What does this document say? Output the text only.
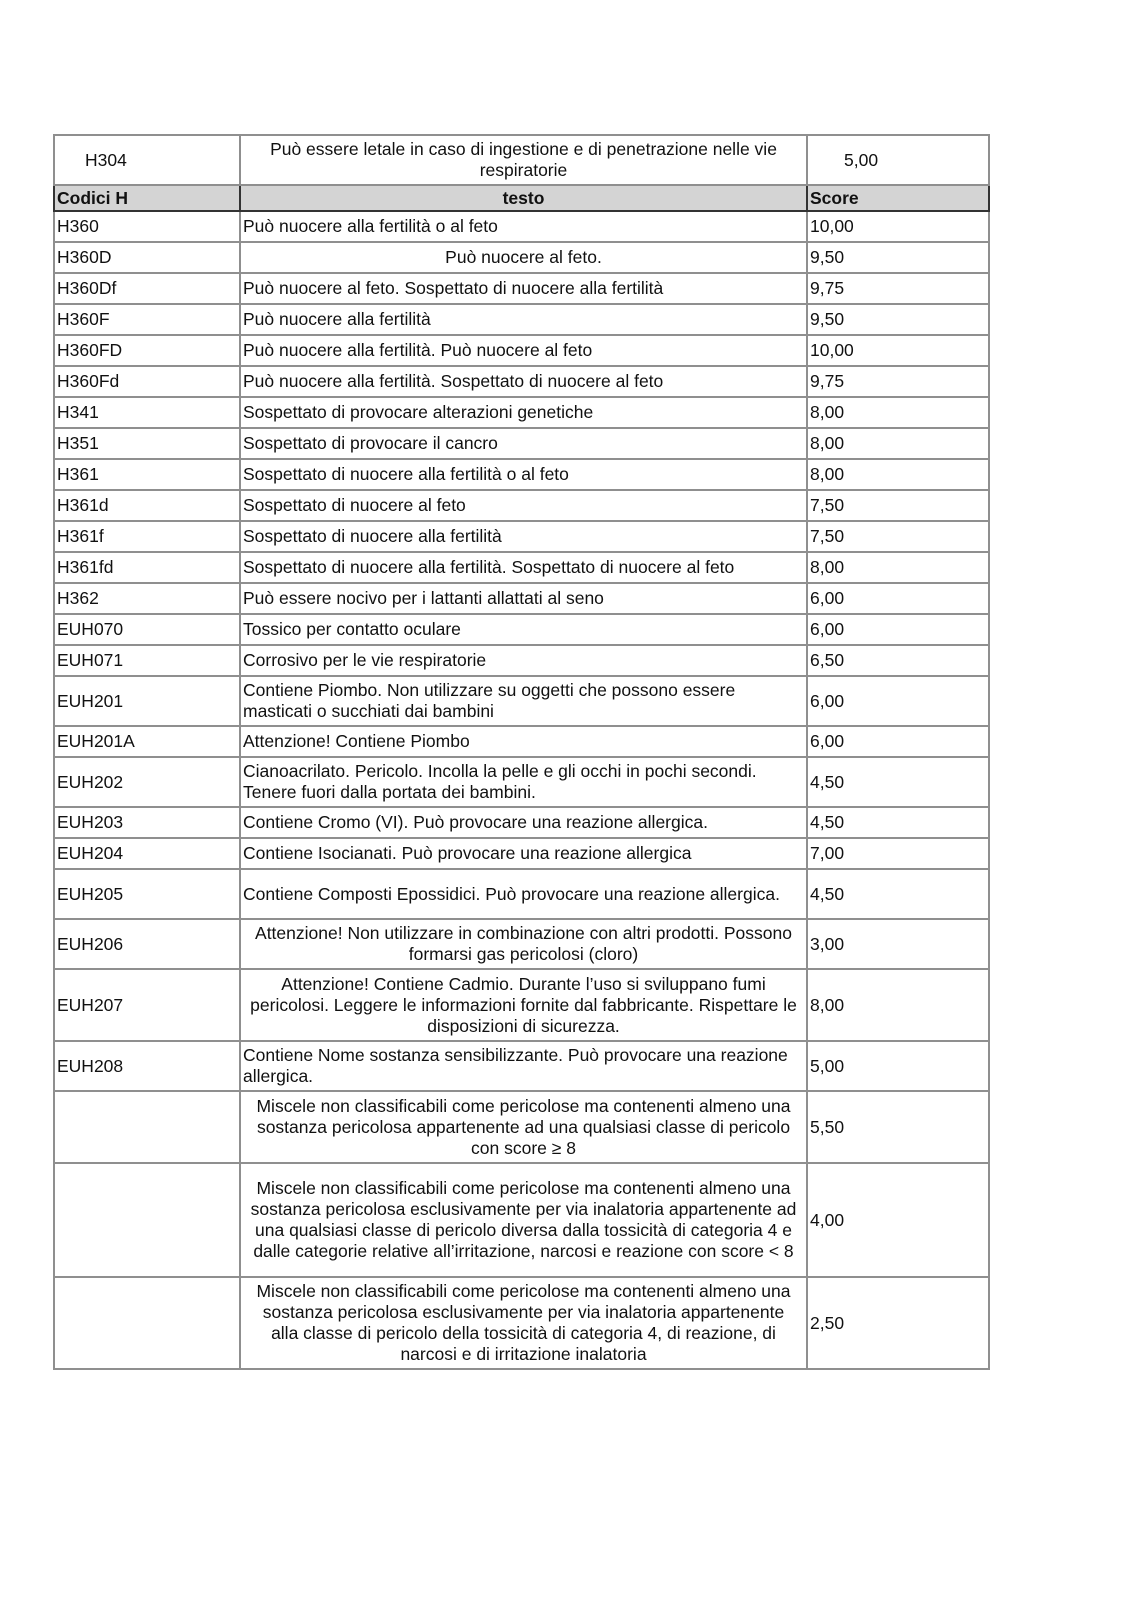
H304	Può essere letale in caso di ingestione e di penetrazione nelle vie respiratorie	5,00
Codici H	testo	Score
H360	Può nuocere alla fertilità o al feto	10,00
H360D	Può nuocere al feto.	9,50
H360Df	Può nuocere al feto. Sospettato di nuocere alla fertilità	9,75
H360F	Può nuocere alla fertilità	9,50
H360FD	Può nuocere alla fertilità. Può nuocere al feto	10,00
H360Fd	Può nuocere alla fertilità. Sospettato di nuocere al feto	9,75
H341	Sospettato di provocare alterazioni genetiche	8,00
H351	Sospettato di provocare il cancro	8,00
H361	Sospettato di nuocere alla fertilità o al feto	8,00
H361d	Sospettato di nuocere al feto	7,50
H361f	Sospettato di nuocere alla fertilità	7,50
H361fd	Sospettato di nuocere alla fertilità. Sospettato di nuocere al feto	8,00
H362	Può essere nocivo per i lattanti allattati al seno	6,00
EUH070	Tossico per contatto oculare	6,00
EUH071	Corrosivo per le vie respiratorie	6,50
EUH201	Contiene Piombo. Non utilizzare su oggetti che possono essere masticati o succhiati dai bambini	6,00
EUH201A	Attenzione! Contiene Piombo	6,00
EUH202	Cianoacrilato. Pericolo. Incolla la pelle e gli occhi in pochi secondi. Tenere fuori dalla portata dei bambini.	4,50
EUH203	Contiene Cromo (VI). Può provocare una reazione allergica.	4,50
EUH204	Contiene Isocianati. Può provocare una reazione allergica	7,00
EUH205	Contiene Composti Epossidici. Può provocare una reazione allergica.	4,50
EUH206	Attenzione! Non utilizzare in combinazione con altri prodotti. Possono formarsi gas pericolosi (cloro)	3,00
EUH207	Attenzione! Contiene Cadmio. Durante l’uso si sviluppano fumi pericolosi. Leggere le informazioni fornite dal fabbricante. Rispettare le disposizioni di sicurezza.	8,00
EUH208	Contiene Nome sostanza sensibilizzante. Può provocare una reazione allergica.	5,00
	Miscele non classificabili come pericolose ma contenenti almeno una sostanza pericolosa appartenente ad una qualsiasi classe di pericolo con score ≥ 8	5,50
	Miscele non classificabili come pericolose ma contenenti almeno una sostanza pericolosa esclusivamente per via inalatoria appartenente ad una qualsiasi classe di pericolo diversa dalla tossicità di categoria 4 e dalle categorie relative all’irritazione, narcosi e reazione con score < 8	4,00
	Miscele non classificabili come pericolose ma contenenti almeno una sostanza pericolosa esclusivamente per via inalatoria appartenente alla classe di pericolo della tossicità di categoria 4, di reazione, di narcosi e di irritazione inalatoria	2,50
